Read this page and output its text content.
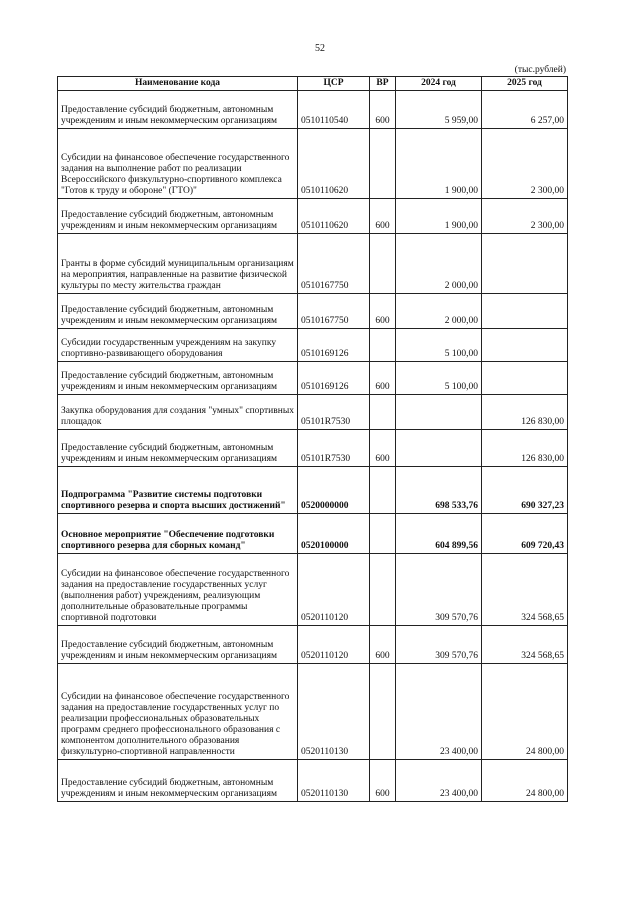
52
(тыс.рублей)
Наименование кода	ЦСР	ВР	2024 год	2025 год
Предоставление субсидий бюджетным, автономным учреждениям и иным некоммерческим организациям	0510110540	600	5 959,00	6 257,00
Субсидии на финансовое обеспечение государственного задания на выполнение работ по реализации Всероссийского физкультурно-спортивного комплекса "Готов к труду и обороне" (ГТО)"	0510110620		1 900,00	2 300,00
Предоставление субсидий бюджетным, автономным учреждениям и иным некоммерческим организациям	0510110620	600	1 900,00	2 300,00
Гранты в форме субсидий муниципальным организациям на мероприятия, направленные на развитие физической культуры по месту жительства граждан	0510167750		2 000,00	
Предоставление субсидий бюджетным, автономным учреждениям и иным некоммерческим организациям	0510167750	600	2 000,00	
Субсидии государственным учреждениям на закупку спортивно-развивающего оборудования	0510169126		5 100,00	
Предоставление субсидий бюджетным, автономным учреждениям и иным некоммерческим организациям	0510169126	600	5 100,00	
Закупка оборудования для создания "умных" спортивных площадок	05101R7530			126 830,00
Предоставление субсидий бюджетным, автономным учреждениям и иным некоммерческим организациям	05101R7530	600		126 830,00
Подпрограмма "Развитие системы подготовки спортивного резерва и спорта высших достижений"	0520000000		698 533,76	690 327,23
Основное мероприятие "Обеспечение подготовки спортивного резерва для сборных команд"	0520100000		604 899,56	609 720,43
Субсидии на финансовое обеспечение государственного задания на предоставление государственных услуг (выполнения работ) учреждениям, реализующим дополнительные образовательные программы спортивной подготовки	0520110120		309 570,76	324 568,65
Предоставление субсидий бюджетным, автономным учреждениям и иным некоммерческим организациям	0520110120	600	309 570,76	324 568,65
Субсидии на финансовое обеспечение государственного задания на предоставление государственных услуг по реализации профессиональных образовательных программ среднего профессионального образования с компонентом дополнительного образования физкультурно-спортивной направленности	0520110130		23 400,00	24 800,00
Предоставление субсидий бюджетным, автономным учреждениям и иным некоммерческим организациям	0520110130	600	23 400,00	24 800,00
